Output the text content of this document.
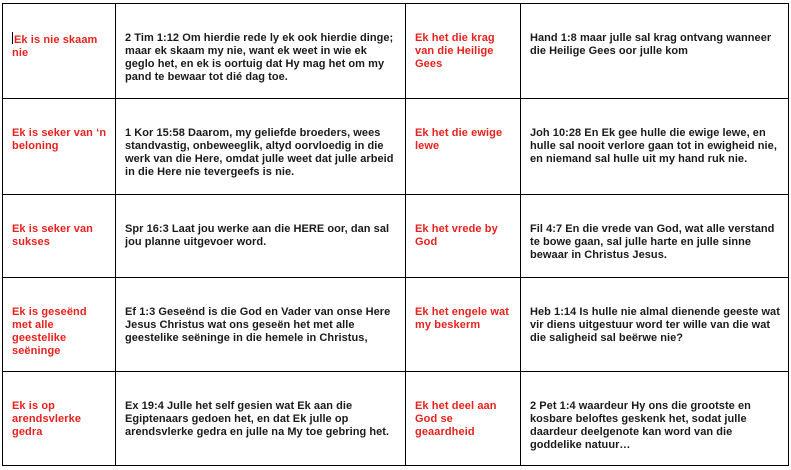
Ek is nie skaam nie	2 Tim 1:12 Om hierdie rede ly ek ook hierdie dinge; maar ek skaam my nie, want ek weet in wie ek geglo het, en ek is oortuig dat Hy mag het om my pand te bewaar tot dié dag toe.	Ek het die krag van die Heilige Gees	Hand 1:8 maar julle sal krag ontvang wanneer die Heilige Gees oor julle kom

Ek is seker van ‘n beloning	1 Kor 15:58 Daarom, my geliefde broeders, wees standvastig, onbeweeglik, altyd oorvloedig in die werk van die Here, omdat julle weet dat julle arbeid in die Here nie tevergeefs is nie.	Ek het die ewige lewe	Joh 10:28 En Ek gee hulle die ewige lewe, en hulle sal nooit verlore gaan tot in ewigheid nie, en niemand sal hulle uit my hand ruk nie.

Ek is seker van sukses	Spr 16:3 Laat jou werke aan die HERE oor, dan sal jou planne uitgevoer word.	Ek het vrede by God	Fil 4:7 En die vrede van God, wat alle verstand te bowe gaan, sal julle harte en julle sinne bewaar in Christus Jesus.

Ek is geseënd met alle geestelike seëninge	Ef 1:3 Geseënd is die God en Vader van onse Here Jesus Christus wat ons geseën het met alle geestelike seëninge in die hemele in Christus,	Ek het engele wat my beskerm	Heb 1:14 Is hulle nie almal dienende geeste wat vir diens uitgestuur word ter wille van die wat die saligheid sal beërwe nie?

Ek is op arendsvlerke gedra	Ex 19:4 Julle het self gesien wat Ek aan die Egiptenaars gedoen het, en dat Ek julle op arendsvlerke gedra en julle na My toe gebring het.	Ek het deel aan God se geaardheid	2 Pet 1:4 waardeur Hy ons die grootste en kosbare beloftes geskenk het, sodat julle daardeur deelgenote kan word van die goddelike natuur…
